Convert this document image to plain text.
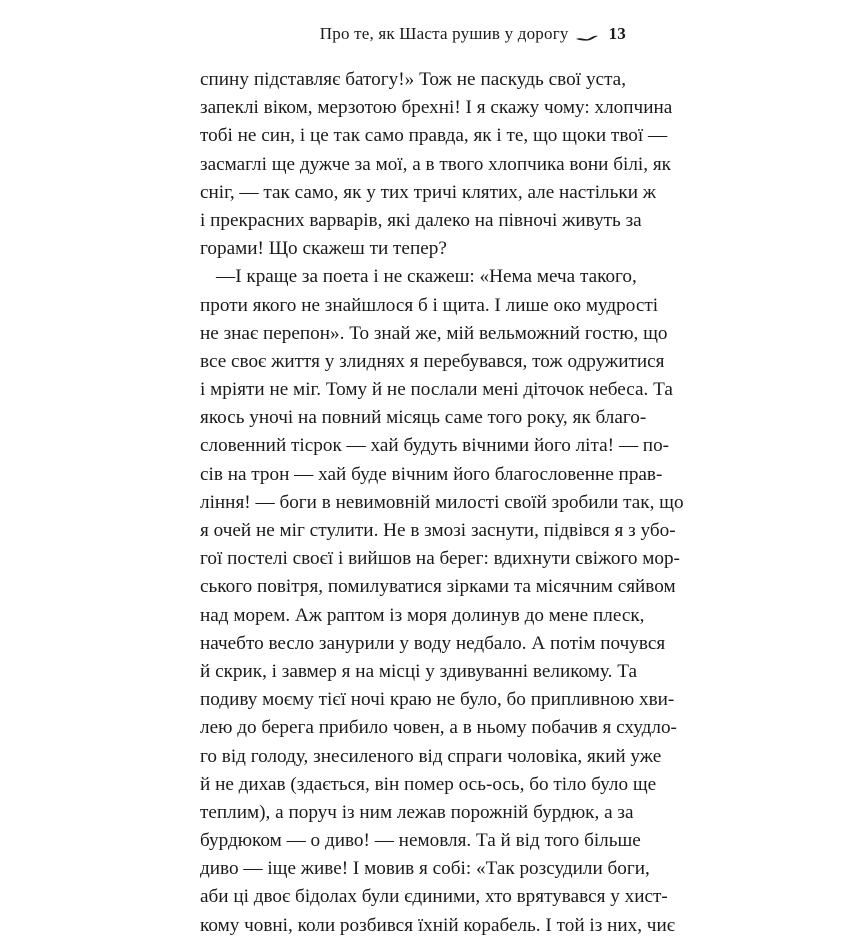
Про те, як Шаста рушив у дорогу 13
спину підставляє батогу!» Тож не паскудь свої уста,
запеклі віком, мерзотою брехні! І я скажу чому: хлопчина
тобі не син, і це так само правда, як і те, що щоки твої —
засмаглі ще дужче за мої, а в твого хлопчика вони білі, як
сніг, — так само, як у тих тричі клятих, але настільки ж
і прекрасних варварів, які далеко на півночі живуть за
горами! Що скажеш ти тепер?
—І краще за поета і не скажеш: «Нема меча такого,
проти якого не знайшлося б і щита. І лише око мудрості
не знає перепон». То знай же, мій вельможний гостю, що
все своє життя у злиднях я перебувався, тож одружитися
і мріяти не міг. Тому й не послали мені діточок небеса. Та
якось уночі на повний місяць саме того року, як благо-
словенний тісрок — хай будуть вічними його літа! — по-
сів на трон — хай буде вічним його благословенне прав-
ління! — боги в невимовній милості своїй зробили так, що
я очей не міг стулити. Не в змозі заснути, підвівся я з убо-
гої постелі своєї і вийшов на берег: вдихнути свіжого мор-
ського повітря, помилуватися зірками та місячним сяйвом
над морем. Аж раптом із моря долинув до мене плеск,
начебто весло занурили у воду недбало. А потім почувся
й скрик, і завмер я на місці у здивуванні великому. Та
подиву моєму тієї ночі краю не було, бо припливною хви-
лею до берега прибило човен, а в ньому побачив я схудло-
го від голоду, знесиленого від спраги чоловіка, який уже
й не дихав (здається, він помер ось-ось, бо тіло було ще
теплим), а поруч із ним лежав порожній бурдюк, а за
бурдюком — о диво! — немовля. Та й від того більше
диво — іще живе! І мовив я собі: «Так розсудили боги,
аби ці двоє бідолах були єдиними, хто врятувався у хист-
кому човні, коли розбився їхній корабель. І той із них, чиє
